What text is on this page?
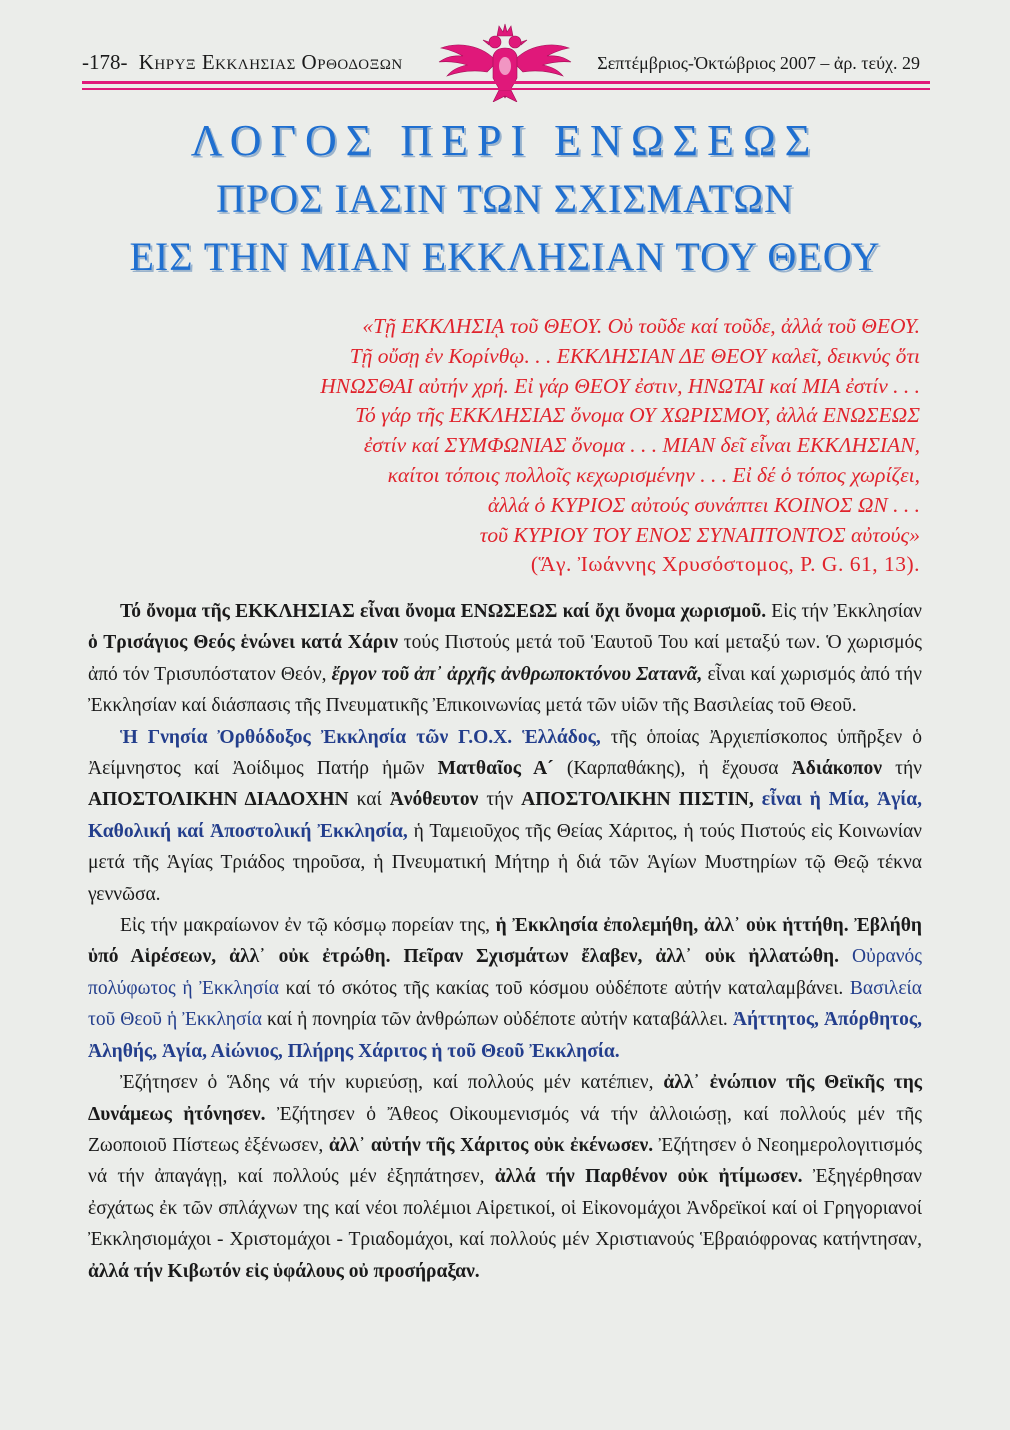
-178- Κηρυξ Εκκλησιας Ορθοδοξων	Σεπτέμβριος-Ὀκτώβριος 2007 – ἀρ. τεύχ. 29
ΛΟΓΟΣ ΠΕΡΙ ΕΝΩΣΕΩΣ
ΠΡΟΣ ΙΑΣΙΝ ΤΩΝ ΣΧΙΣΜΑΤΩΝ
ΕΙΣ ΤΗΝ ΜΙΑΝ ΕΚΚΛΗΣΙΑΝ ΤΟΥ ΘΕΟΥ
«Τῇ ΕΚΚΛΗΣΙᾼ τοῦ ΘΕΟΥ. Οὐ τοῦδε καί τοῦδε, ἀλλά τοῦ ΘΕΟΥ.
Τῇ οὔσῃ ἐν Κορίνθῳ. . . ΕΚΚΛΗΣΙΑΝ ΔΕ ΘΕΟΥ καλεῖ, δεικνύς ὅτι
ΗΝΩΣΘΑΙ αὐτήν χρή. Εἰ γάρ ΘΕΟΥ ἐστιν, ΗΝΩΤΑΙ καί ΜΙΑ ἐστίν . . .
Τό γάρ τῆς ΕΚΚΛΗΣΙΑΣ ὄνομα ΟΥ ΧΩΡΙΣΜΟΥ, ἀλλά ΕΝΩΣΕΩΣ
ἐστίν καί ΣΥΜΦΩΝΙΑΣ ὄνομα . . . ΜΙΑΝ δεῖ εἶναι ΕΚΚΛΗΣΙΑΝ,
καίτοι τόποις πολλοῖς κεχωρισμένην . . . Εἰ δέ ὁ τόπος χωρίζει,
ἀλλά ὁ ΚΥΡΙΟΣ αὐτούς συνάπτει ΚΟΙΝΟΣ ΩΝ . . .
τοῦ ΚΥΡΙΟΥ ΤΟΥ ΕΝΟΣ ΣΥΝΑΠΤΟΝΤΟΣ αὐτούς»
(Ἅγ. Ἰωάννης Χρυσόστομος, P. G. 61, 13).

Τό ὄνομα τῆς ΕΚΚΛΗΣΙΑΣ εἶναι ὄνομα ΕΝΩΣΕΩΣ καί ὄχι ὄνομα χωρισμοῦ. Εἰς τήν Ἐκκλησίαν ὁ Τρισάγιος Θεός ἑνώνει κατά Χάριν τούς Πιστούς μετά τοῦ Ἑαυτοῦ Του καί μεταξύ των. Ὁ χωρισμός ἀπό τόν Τρισυπόστατον Θεόν, ἔργον τοῦ ἀπ᾽ ἀρχῆς ἀνθρωποκτόνου Σατανᾶ, εἶναι καί χωρισμός ἀπό τήν Ἐκκλησίαν καί διάσπασις τῆς Πνευματικῆς Ἐπικοινωνίας μετά τῶν υἱῶν τῆς Βασιλείας τοῦ Θεοῦ.

Ἡ Γνησία Ὀρθόδοξος Ἐκκλησία τῶν Γ.Ο.Χ. Ἑλλάδος, τῆς ὁποίας Ἀρχιεπίσκοπος ὑπῆρξεν ὁ Ἀείμνηστος καί Ἀοίδιμος Πατήρ ἡμῶν Ματθαῖος Α´ (Καρπαθάκης), ἡ ἔχουσα Ἀδιάκοπον τήν ΑΠΟΣΤΟΛΙΚΗΝ ΔΙΑΔΟΧΗΝ καί Ἀνόθευτον τήν ΑΠΟΣΤΟΛΙΚΗΝ ΠΙΣΤΙΝ, εἶναι ἡ Μία, Ἁγία, Καθολική καί Ἀποστολική Ἐκκλησία, ἡ Ταμειοῦχος τῆς Θείας Χάριτος, ἡ τούς Πιστούς εἰς Κοινωνίαν μετά τῆς Ἁγίας Τριάδος τηροῦσα, ἡ Πνευματική Μήτηρ ἡ διά τῶν Ἁγίων Μυστηρίων τῷ Θεῷ τέκνα γεννῶσα.

Εἰς τήν μακραίωνον ἐν τῷ κόσμῳ πορείαν της, ἡ Ἐκκλησία ἐπολεμήθη, ἀλλ᾽ οὐκ ἡττήθη. Ἐβλήθη ὑπό Αἱρέσεων, ἀλλ᾽ οὐκ ἐτρώθη. Πεῖραν Σχισμάτων ἔλαβεν, ἀλλ᾽ οὐκ ἠλλατώθη. Οὐρανός πολύφωτος ἡ Ἐκκλησία καί τό σκότος τῆς κακίας τοῦ κόσμου οὐδέποτε αὐτήν καταλαμβάνει. Βασιλεία τοῦ Θεοῦ ἡ Ἐκκλησία καί ἡ πονηρία τῶν ἀνθρώπων οὐδέποτε αὐτήν καταβάλλει. Ἀήττητος, Ἀπόρθητος, Ἀληθής, Ἁγία, Αἰώνιος, Πλήρης Χάριτος ἡ τοῦ Θεοῦ Ἐκκλησία.

Ἐζήτησεν ὁ Ἅδης νά τήν κυριεύσῃ, καί πολλούς μέν κατέπιεν, ἀλλ᾽ ἐνώπιον τῆς Θεϊκῆς της Δυνάμεως ἠτόνησεν. Ἐζήτησεν ὁ Ἄθεος Οἰκουμενισμός νά τήν ἀλλοιώσῃ, καί πολλούς μέν τῆς Ζωοποιοῦ Πίστεως ἐξένωσεν, ἀλλ᾽ αὐτήν τῆς Χάριτος οὐκ ἐκένωσεν. Ἐζήτησεν ὁ Νεοημερολογιτισμός νά τήν ἀπαγάγῃ, καί πολλούς μέν ἐξηπάτησεν, ἀλλά τήν Παρθένον οὐκ ἠτίμωσεν. Ἐξηγέρθησαν ἐσχάτως ἐκ τῶν σπλάχνων της καί νέοι πολέμιοι Αἱρετικοί, οἱ Εἰκονομάχοι Ἀνδρεϊκοί καί οἱ Γρηγοριανοί Ἐκκλησιομάχοι - Χριστομάχοι - Τριαδομάχοι, καί πολλούς μέν Χριστιανούς Ἑβραιόφρονας κατήντησαν, ἀλλά τήν Κιβωτόν εἰς ὑφάλους οὐ προσήραξαν.
